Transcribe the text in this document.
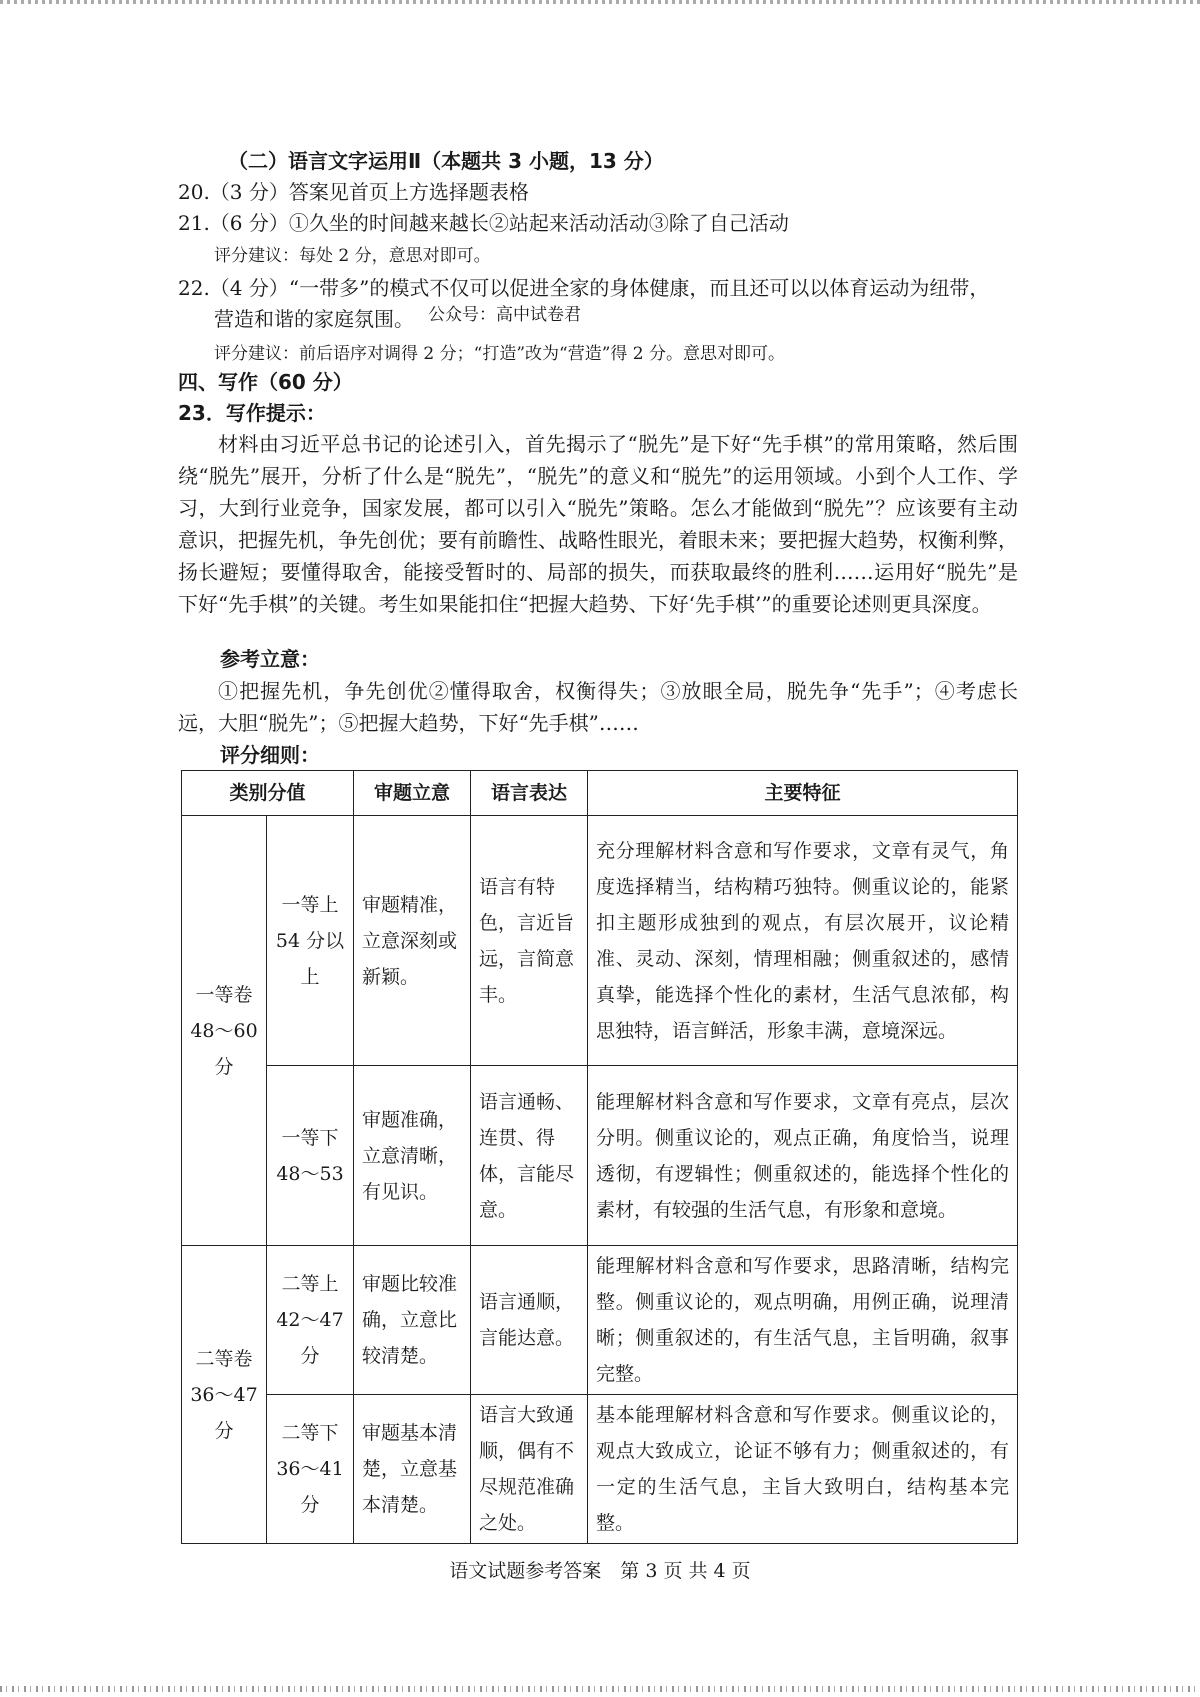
（二）语言文字运用Ⅱ（本题共 3 小题，13 分）
20.（3 分）答案见首页上方选择题表格
21.（6 分）①久坐的时间越来越长②站起来活动活动③除了自己活动
评分建议：每处 2 分，意思对即可。
22.（4 分）“一带多”的模式不仅可以促进全家的身体健康，而且还可以以体育运动为纽带，
营造和谐的家庭氛围。 公众号：高中试卷君
评分建议：前后语序对调得 2 分；“打造”改为“营造”得 2 分。意思对即可。
四、写作（60 分）
23．写作提示：
材料由习近平总书记的论述引入，首先揭示了“脱先”是下好“先手棋”的常用策略，然后围绕“脱先”展开，分析了什么是“脱先”，“脱先”的意义和“脱先”的运用领域。小到个人工作、学习，大到行业竞争，国家发展，都可以引入“脱先”策略。怎么才能做到“脱先”？应该要有主动意识，把握先机，争先创优；要有前瞻性、战略性眼光，着眼未来；要把握大趋势，权衡利弊，扬长避短；要懂得取舍，能接受暂时的、局部的损失，而获取最终的胜利……运用好“脱先”是下好“先手棋”的关键。考生如果能扣住“把握大趋势、下好‘先手棋’”的重要论述则更具深度。
参考立意：
①把握先机，争先创优②懂得取舍，权衡得失；③放眼全局，脱先争“先手”；④考虑长远，大胆“脱先”；⑤把握大趋势，下好“先手棋”……
评分细则：
类别分值		审题立意	语言表达	主要特征
一等卷 48～60 分	一等上 54 分以上	审题精准，立意深刻或新颖。	语言有特色，言近旨远，言简意丰。	充分理解材料含意和写作要求，文章有灵气，角度选择精当，结构精巧独特。侧重议论的，能紧扣主题形成独到的观点，有层次展开，议论精准、灵动、深刻，情理相融；侧重叙述的，感情真挚，能选择个性化的素材，生活气息浓郁，构思独特，语言鲜活，形象丰满，意境深远。
	一等下 48～53	审题准确，立意清晰，有见识。	语言通畅、连贯、得体，言能尽意。	能理解材料含意和写作要求，文章有亮点，层次分明。侧重议论的，观点正确，角度恰当，说理透彻，有逻辑性；侧重叙述的，能选择个性化的素材，有较强的生活气息，有形象和意境。
二等卷 36～47 分	二等上 42～47 分	审题比较准确，立意比较清楚。	语言通顺，言能达意。	能理解材料含意和写作要求，思路清晰，结构完整。侧重议论的，观点明确，用例正确，说理清晰；侧重叙述的，有生活气息，主旨明确，叙事完整。
	二等下 36～41 分	审题基本清楚，立意基本清楚。	语言大致通顺，偶有不尽规范准确之处。	基本能理解材料含意和写作要求。侧重议论的，观点大致成立，论证不够有力；侧重叙述的，有一定的生活气息，主旨大致明白，结构基本完整。
语文试题参考答案　第 3 页 共 4 页
